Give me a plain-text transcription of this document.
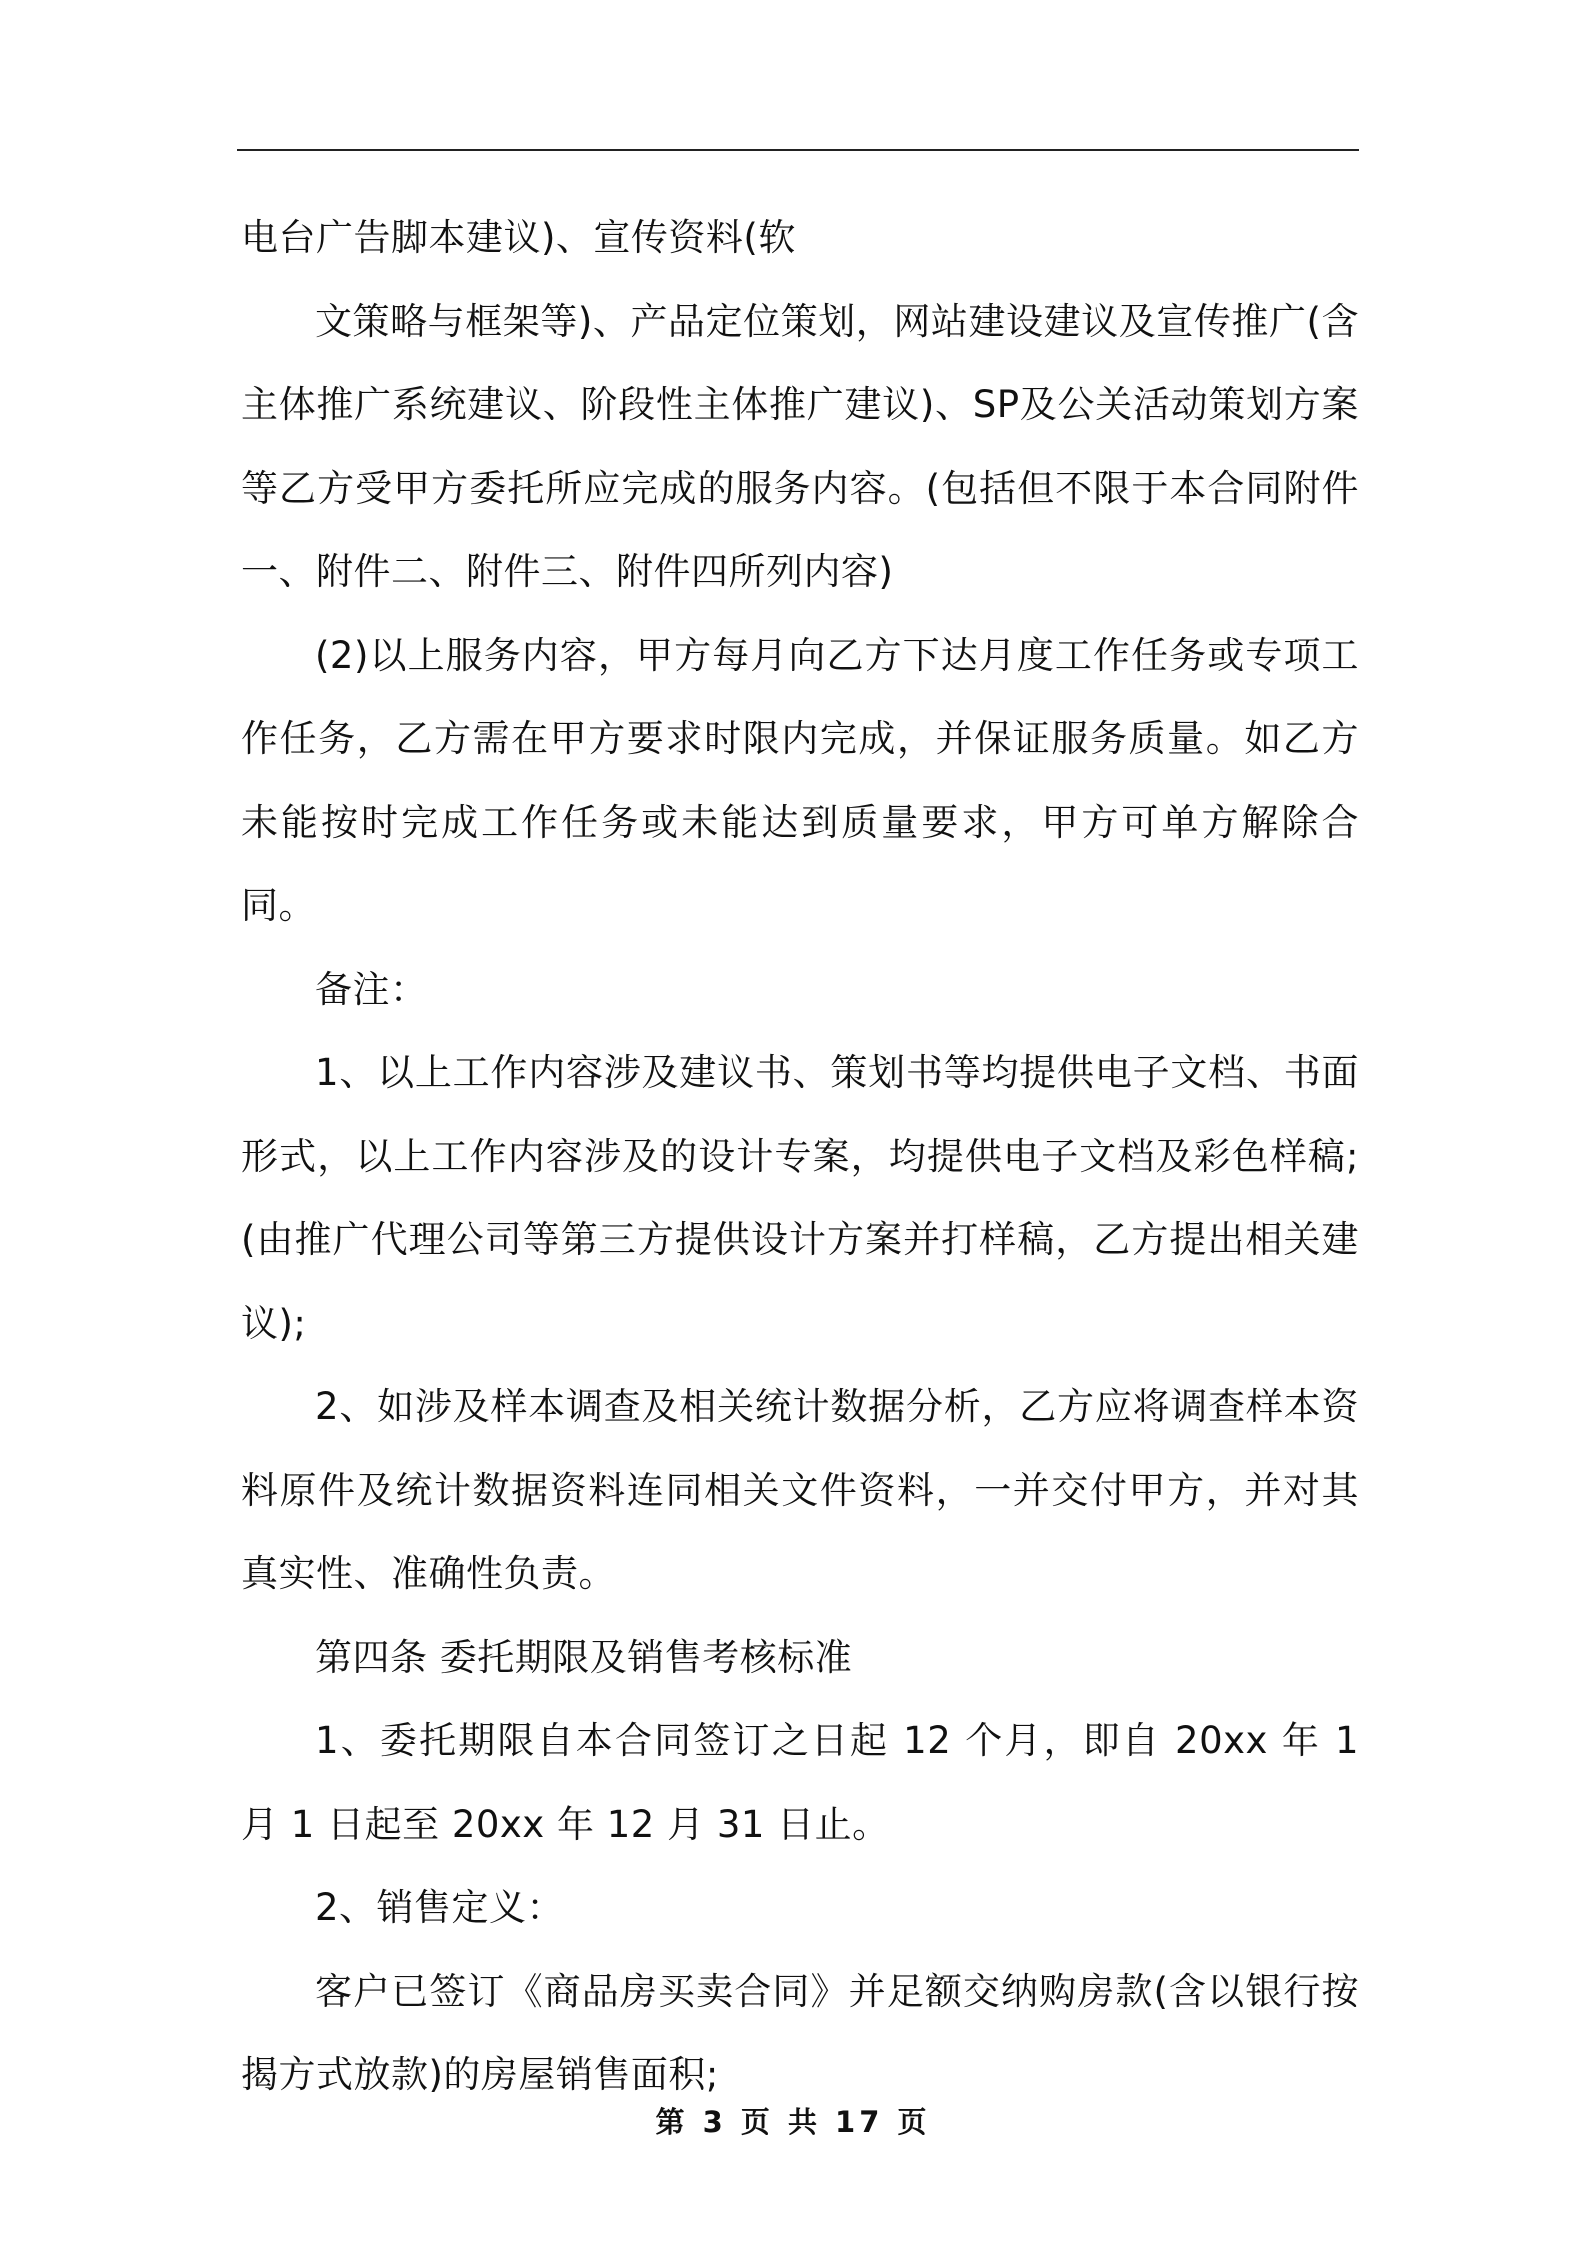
电台广告脚本建议)、宣传资料(软

文策略与框架等)、产品定位策划，网站建设建议及宣传推广(含主体推广系统建议、阶段性主体推广建议)、SP及公关活动策划方案等乙方受甲方委托所应完成的服务内容。(包括但不限于本合同附件一、附件二、附件三、附件四所列内容)

(2)以上服务内容，甲方每月向乙方下达月度工作任务或专项工作任务，乙方需在甲方要求时限内完成，并保证服务质量。如乙方未能按时完成工作任务或未能达到质量要求，甲方可单方解除合同。

备注：

1、以上工作内容涉及建议书、策划书等均提供电子文档、书面形式，以上工作内容涉及的设计专案，均提供电子文档及彩色样稿;(由推广代理公司等第三方提供设计方案并打样稿，乙方提出相关建议);

2、如涉及样本调查及相关统计数据分析，乙方应将调查样本资料原件及统计数据资料连同相关文件资料，一并交付甲方，并对其真实性、准确性负责。

第四条 委托期限及销售考核标准

1、委托期限自本合同签订之日起 12 个月，即自 20xx 年 1 月 1 日起至 20xx 年 12 月 31 日止。

2、销售定义：

客户已签订《商品房买卖合同》并足额交纳购房款(含以银行按揭方式放款)的房屋销售面积;

第 3 页 共 17 页
